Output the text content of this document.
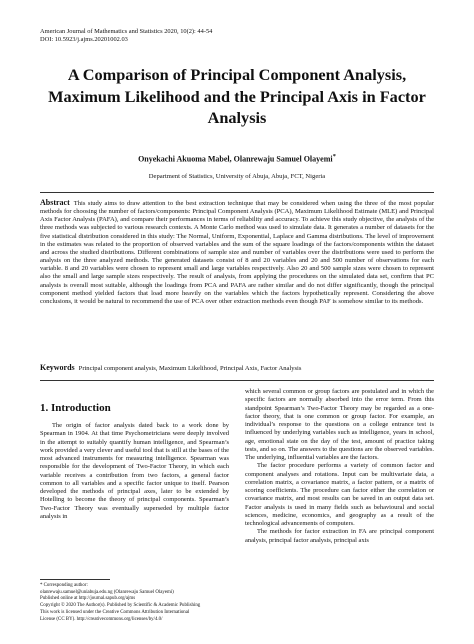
American Journal of Mathematics and Statistics 2020, 10(2): 44-54
DOI: 10.5923/j.ajms.20201002.03
A Comparison of Principal Component Analysis, Maximum Likelihood and the Principal Axis in Factor Analysis
Onyekachi Akuoma Mabel, Olanrewaju Samuel Olayemi*
Department of Statistics, University of Abuja, Abuja, FCT, Nigeria
Abstract This study aims to draw attention to the best extraction technique that may be considered when using the three of the most popular methods for choosing the number of factors/components: Principal Component Analysis (PCA), Maximum Likelihood Estimate (MLE) and Principal Axis Factor Analysis (PAFA), and compare their performances in terms of reliability and accuracy. To achieve this study objective, the analysis of the three methods was subjected to various research contexts. A Monte Carlo method was used to simulate data. It generates a number of datasets for the five statistical distribution considered in this study: The Normal, Uniform, Exponential, Laplace and Gamma distributions. The level of improvement in the estimates was related to the proportion of observed variables and the sum of the square loadings of the factors/components within the dataset and across the studied distributions. Different combinations of sample size and number of variables over the distributions were used to perform the analysis on the three analyzed methods. The generated datasets consist of 8 and 20 variables and 20 and 500 number of observations for each variable. 8 and 20 variables were chosen to represent small and large variables respectively. Also 20 and 500 sample sizes were chosen to represent also the small and large sample sizes respectively. The result of analysis, from applying the procedures on the simulated data set, confirm that PC analysis is overall most suitable, although the loadings from PCA and PAFA are rather similar and do not differ significantly, though the principal component method yielded factors that load more heavily on the variables which the factors hypothetically represent. Considering the above conclusions, it would be natural to recommend the use of PCA over other extraction methods even though PAF is somehow similar to its methods.
Keywords Principal component analysis, Maximum Likelihood, Principal Axis, Factor Analysis
1. Introduction

The origin of factor analysis dated back to a work done by Spearman in 1904. At that time Psychometricians were deeply involved in the attempt to suitably quantify human intelligence, and Spearman’s work provided a very clever and useful tool that is still at the bases of the most advanced instruments for measuring intelligence. Spearman was responsible for the development of Two-Factor Theory, in which each variable receives a contribution from two factors, a general factor common to all variables and a specific factor unique to itself. Pearson developed the methods of principal axes, later to be extended by Hotelling to become the theory of principal components. Spearman’s Two-Factor Theory was eventually superseded by multiple factor analysis in

which several common or group factors are postulated and in which the specific factors are normally absorbed into the error term. From this standpoint Spearman’s Two-Factor Theory may be regarded as a one-factor theory, that is one common or group factor. For example, an individual’s response to the questions on a college entrance test is influenced by underlying variables such as intelligence, years in school, age, emotional state on the day of the test, amount of practice taking tests, and so on. The answers to the questions are the observed variables. The underlying, influential variables are the factors.

The factor procedure performs a variety of common factor and component analyses and rotations. Input can be multivariate data, a correlation matrix, a covariance matrix, a factor pattern, or a matrix of scoring coefficients. The procedure can factor either the correlation or covariance matrix, and most results can be saved in an output data set. Factor analysis is used in many fields such as behavioural and social sciences, medicine, economics, and geography as a result of the technological advancements of computers.

The methods for factor extraction in FA are principal component analysis, principal factor analysis, principal axis

* Corresponding author:
olanrewaju.samuel@uniabuja.edu.ng (Olanrewaju Samuel Olayemi)
Published online at http://journal.sapub.org/ajms
Copyright © 2020 The Author(s). Published by Scientific & Academic Publishing
This work is licensed under the Creative Commons Attribution International
License (CC BY). http://creativecommons.org/licenses/by/4.0/
